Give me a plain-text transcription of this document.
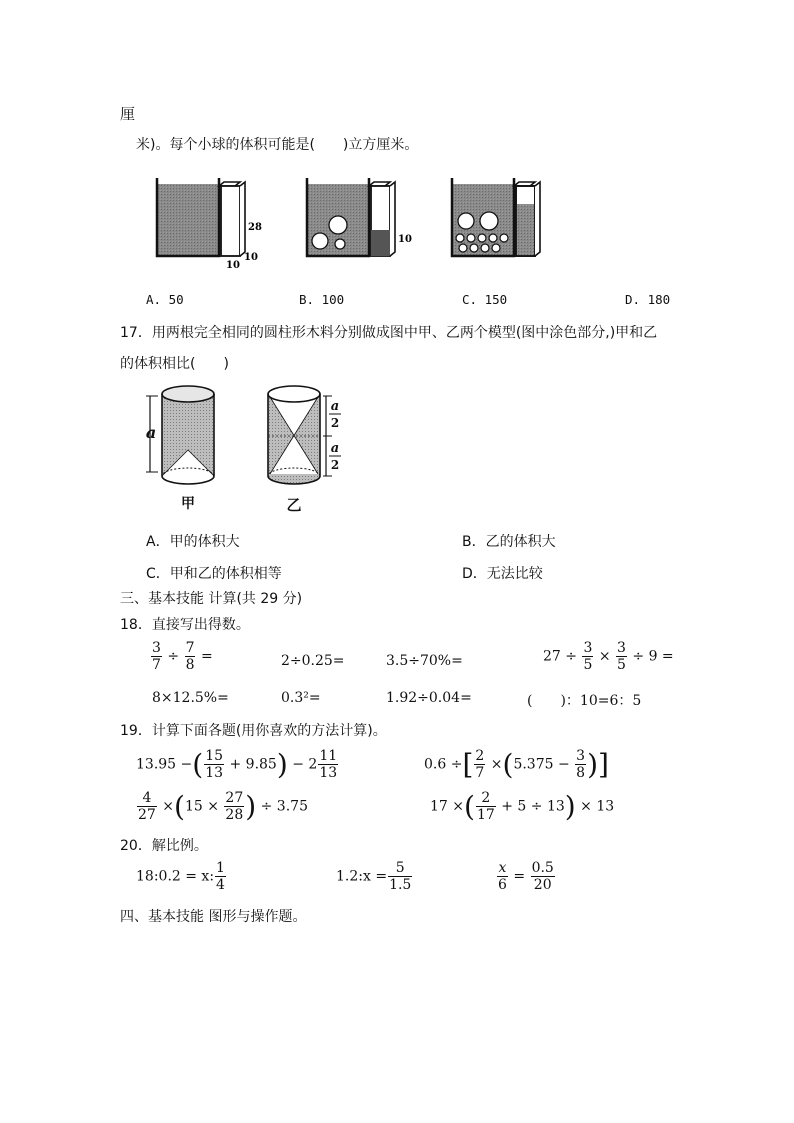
厘
米)。每个小球的体积可能是(　　)立方厘米。
28
10
10
10
A. 50	B. 100	C. 150	D. 180
17．用两根完全相同的圆柱形木料分别做成图中甲、乙两个模型(图中涂色部分,)甲和乙
的体积相比(　　)
a
a
2
a
2
甲	乙
A．甲的体积大	B．乙的体积大
C．甲和乙的体积相等	D．无法比较
三、基本技能 计算(共 29 分)
18．直接写出得数。
$\frac{3}{7} \div \frac{7}{8}$ =	2÷0.25=	3.5÷70%=	$27 \div \frac{3}{5} \times \frac{3}{5} \div 9$ =
8×12.5%=	0.3²=	1.92÷0.04=	(　　)：10=6：5
19．计算下面各题(用你喜欢的方法计算)。
13.95 −( $\frac{15}{13} + 9.85) - 2 \frac{11}{13}$	0.6 ÷[ $\frac{2}{7} \times(5.375 - \frac{3}{8}$ )]
$\frac{4}{27} \times(15 \times \frac{27}{28}$ ) ÷ 3.75	17 ×( $\frac{2}{17} + 5 \div 13) \times 13$
20．解比例。
18:0.2 = x: $\frac{1}{4}$	1.2:x = $\frac{5}{1.5}$	$\frac{x}{6} = \frac{0.5}{20}$
四、基本技能 图形与操作题。
